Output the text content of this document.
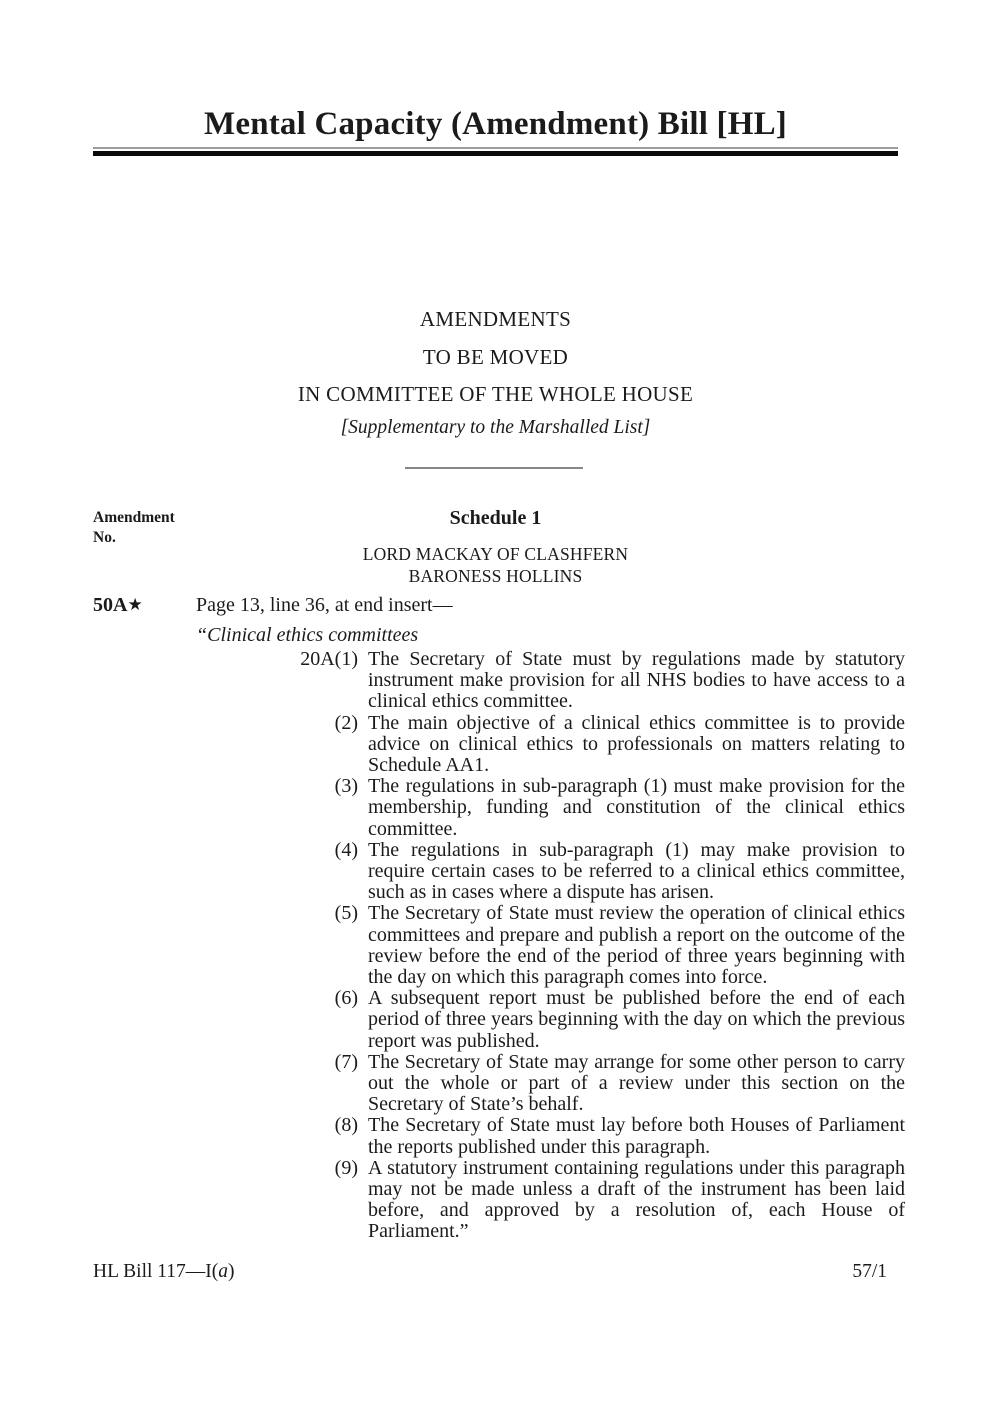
Mental Capacity (Amendment) Bill [HL]
AMENDMENTS
TO BE MOVED
IN COMMITTEE OF THE WHOLE HOUSE
[Supplementary to the Marshalled List]
Amendment No.
Schedule 1
LORD MACKAY OF CLASHFERN
BARONESS HOLLINS
50A★	Page 13, line 36, at end insert—
“Clinical ethics committees
20A(1) The Secretary of State must by regulations made by statutory instrument make provision for all NHS bodies to have access to a clinical ethics committee.
(2) The main objective of a clinical ethics committee is to provide advice on clinical ethics to professionals on matters relating to Schedule AA1.
(3) The regulations in sub-paragraph (1) must make provision for the membership, funding and constitution of the clinical ethics committee.
(4) The regulations in sub-paragraph (1) may make provision to require certain cases to be referred to a clinical ethics committee, such as in cases where a dispute has arisen.
(5) The Secretary of State must review the operation of clinical ethics committees and prepare and publish a report on the outcome of the review before the end of the period of three years beginning with the day on which this paragraph comes into force.
(6) A subsequent report must be published before the end of each period of three years beginning with the day on which the previous report was published.
(7) The Secretary of State may arrange for some other person to carry out the whole or part of a review under this section on the Secretary of State’s behalf.
(8) The Secretary of State must lay before both Houses of Parliament the reports published under this paragraph.
(9) A statutory instrument containing regulations under this paragraph may not be made unless a draft of the instrument has been laid before, and approved by a resolution of, each House of Parliament.”
HL Bill 117—I(a)	57/1
